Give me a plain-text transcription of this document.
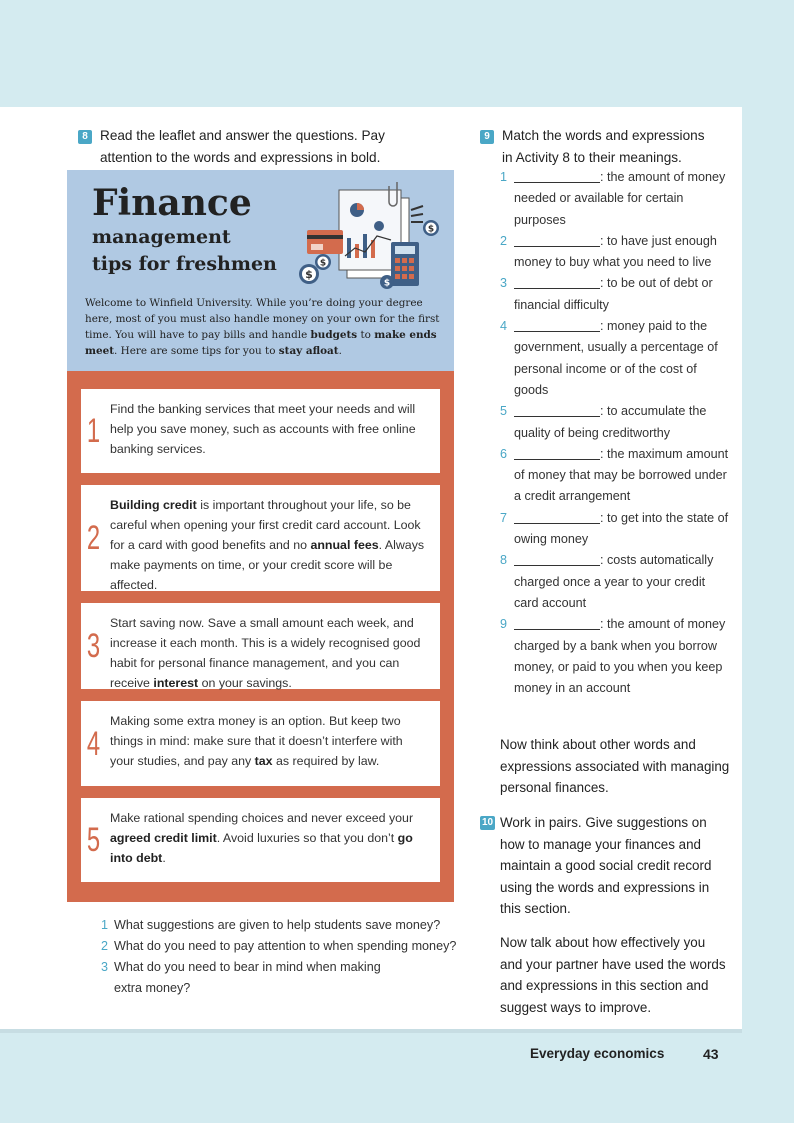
8 Read the leaflet and answer the questions. Pay
attention to the words and expressions in bold.
Finance
management
tips for freshmen	$
$
$
$
Welcome to Winfield University. While you’re doing your degree here, most of you must also handle money on your own for the first time. You will have to pay bills and handle budgets to make ends meet. Here are some tips for you to stay afloat.
1
Find the banking services that meet your needs and will help you save money, such as accounts with free online banking services.
2
Building credit is important throughout your life, so be careful when opening your first credit card account. Look for a card with good benefits and no annual fees. Always make payments on time, or your credit score will be affected.
3
Start saving now. Save a small amount each week, and increase it each month. This is a widely recognised good habit for personal finance management, and you can receive interest on your savings.
4
Making some extra money is an option. But keep two things in mind: make sure that it doesn’t interfere with your studies, and pay any tax as required by law.
5
Make rational spending choices and never exceed your agreed credit limit. Avoid luxuries so that you don’t go into debt.
1 What suggestions are given to help students save money?
2 What do you need to pay attention to when spending money?
3 What do you need to bear in mind when making
extra money?
9 Match the words and expressions
in Activity 8 to their meanings.
1	: the amount of money needed or available for certain purposes
2	: to have just enough money to buy what you need to live
3	: to be out of debt or financial difficulty
4	: money paid to the government, usually a percentage of personal income or of the cost of goods
5	: to accumulate the quality of being creditworthy
6	: the maximum amount of money that may be borrowed under a credit arrangement
7	: to get into the state of owing money
8	: costs automatically charged once a year to your credit card account
9	: the amount of money charged by a bank when you borrow money, or paid to you when you keep money in an account
Now think about other words and expressions associated with managing personal finances.
10 Work in pairs. Give suggestions on how to manage your finances and maintain a good social credit record using the words and expressions in this section.
Now talk about how effectively you and your partner have used the words and expressions in this section and suggest ways to improve.
Everyday economics	43
